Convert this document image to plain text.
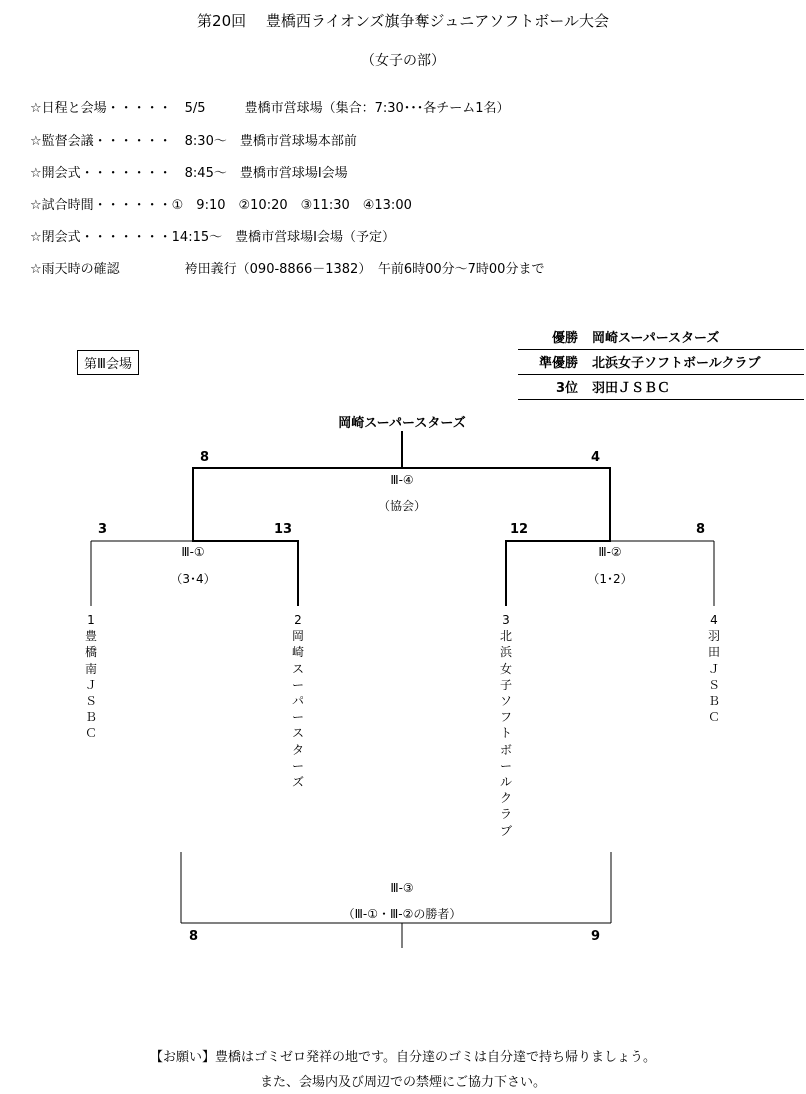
第20回　 豊橋西ライオンズ旗争奪ジュニアソフトボール大会
（女子の部）
☆日程と会場・・・・・　5/5　　　豊橋市営球場（集合：7:30･･･各チーム1名）
☆監督会議・・・・・・　8:30～　豊橋市営球場本部前
☆開会式・・・・・・・　8:45～　豊橋市営球場Ⅰ会場
☆試合時間・・・・・・①　9:10　②10:20　③11:30　④13:00
☆閉会式・・・・・・・14:15～　豊橋市営球場Ⅰ会場（予定）
☆雨天時の確認　　　　　袴田義行（090-8866－1382）　午前6時00分～7時00分まで
第Ⅲ会場
優勝	岡崎スーパースターズ
準優勝	北浜女子ソフトボールクラブ
3位	羽田ＪＳＢＣ
岡崎スーパースターズ
8	4
Ⅲ-④
（協会）
3	13
Ⅲ-①
（3･4）
12	8
Ⅲ-②
（1･2）
1
豊橋南ＪＳＢＣ
2
岡崎スーパースターズ
3
北浜女子ソフトボールクラブ
4
羽田ＪＳＢＣ
Ⅲ-③
（Ⅲ-①・Ⅲ-②の勝者）
8	9
【お願い】豊橋はゴミゼロ発祥の地です。自分達のゴミは自分達で持ち帰りましょう。
また、会場内及び周辺での禁煙にご協力下さい。
